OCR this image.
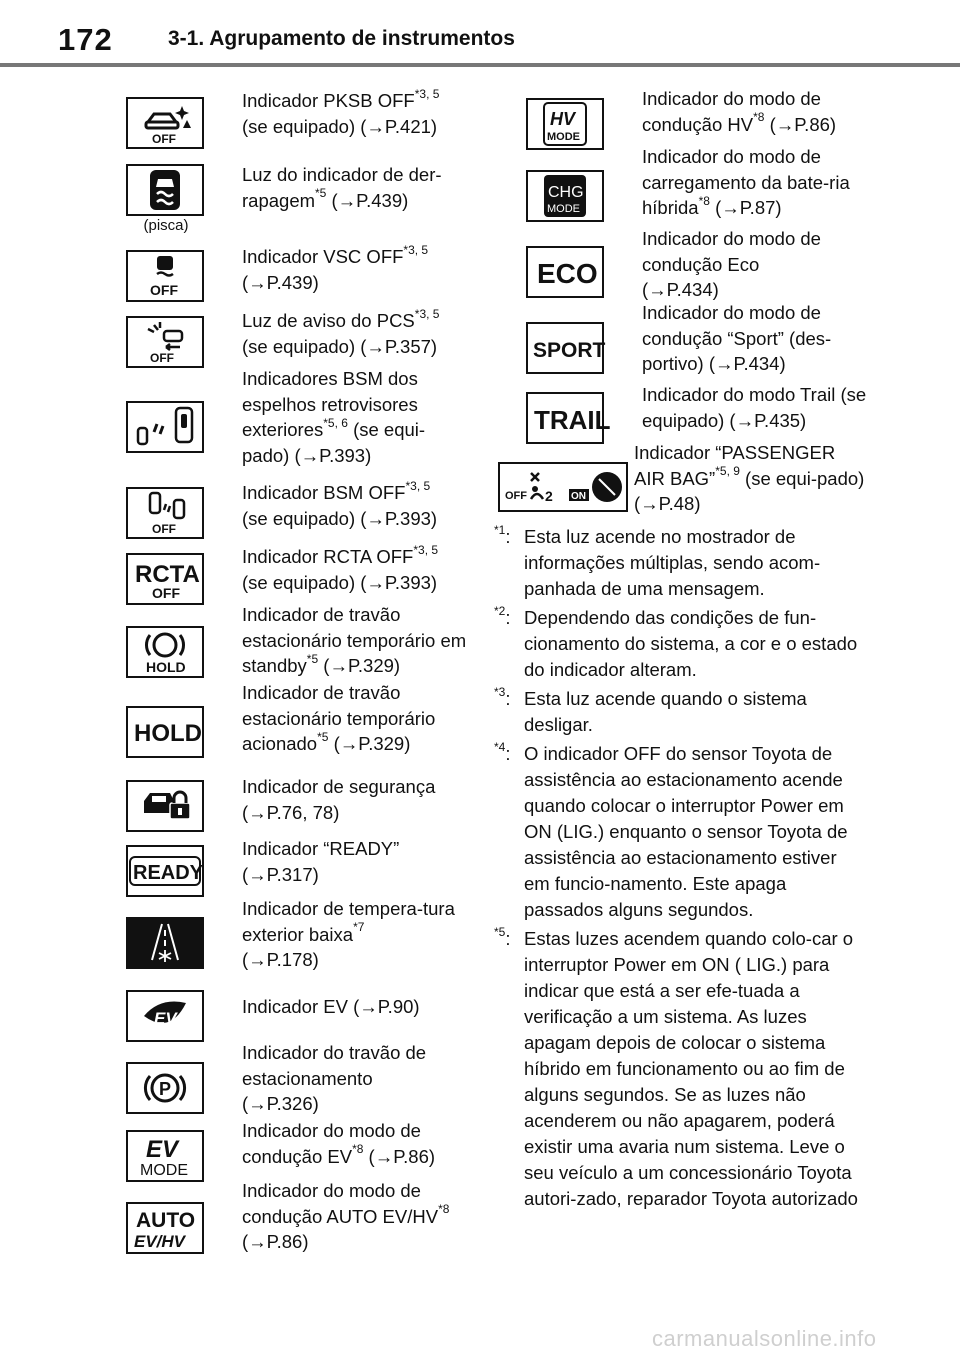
172	3-1. Agrupamento de instrumentos
OFF
Indicador PKSB OFF$^{*3, 5}$
(se equipado) (→P.421)
(pisca)
Luz do indicador de der-rapagem$^{*5}$ (→P.439)
OFF
Indicador VSC OFF$^{*3, 5}$
(→P.439)
OFF
Luz de aviso do PCS$^{*3, 5}$
(se equipado) (→P.357)
Indicadores BSM dos espelhos retrovisores exteriores$^{*5, 6}$ (se equi-pado) (→P.393)
OFF
Indicador BSM OFF$^{*3, 5}$
(se equipado) (→P.393)
RCTA
OFF
Indicador RCTA OFF$^{*3, 5}$
(se equipado) (→P.393)
HOLD
Indicador de travão estacionário temporário em standby$^{*5}$ (→P.329)
HOLD
Indicador de travão estacionário temporário acionado$^{*5}$ (→P.329)
Indicador de segurança
(→P.76, 78)
READY
Indicador “READY”
(→P.317)
Indicador de tempera-tura exterior baixa$^{*7}$
(→P.178)
EV
Indicador EV (→P.90)
P
Indicador do travão de estacionamento
(→P.326)
EV
MODE
Indicador do modo de condução EV$^{*8}$ (→P.86)
AUTO
EV/HV
Indicador do modo de condução AUTO EV/HV$^{*8}$ (→P.86)
HV
MODE
Indicador do modo de condução HV$^{*8}$ (→P.86)
CHG
MODE
Indicador do modo de carregamento da bate-ria híbrida$^{*8}$ (→P.87)
ECO
Indicador do modo de condução Eco
(→P.434)
SPORT
Indicador do modo de condução “Sport” (des-portivo) (→P.434)
TRAIL
Indicador do modo Trail (se equipado) (→P.435)
OFF 2 ON
Indicador “PASSENGER AIR BAG”$^{*5, 9}$ (se equi-pado) (→P.48)
$^{*1}$: Esta luz acende no mostrador de informações múltiplas, sendo acom-panhada de uma mensagem.
$^{*2}$: Dependendo das condições de fun-cionamento do sistema, a cor e o estado do indicador alteram.
$^{*3}$: Esta luz acende quando o sistema desligar.
$^{*4}$: O indicador OFF do sensor Toyota de assistência ao estacionamento acende quando colocar o interruptor Power em ON (LIG.) enquanto o sensor Toyota de assistência ao estacionamento estiver em funcio-namento. Este apaga passados alguns segundos.
$^{*5}$: Estas luzes acendem quando colo-car o interruptor Power em ON ( LIG.) para indicar que está a ser efe-tuada a verificação a um sistema. As luzes apagam depois de colocar o sistema híbrido em funcionamento ou ao fim de alguns segundos. Se as luzes não acenderem ou não apagarem, poderá existir uma avaria num sistema. Leve o seu veículo a um concessionário Toyota autori-zado, reparador Toyota autorizado
carmanualsonline.info
